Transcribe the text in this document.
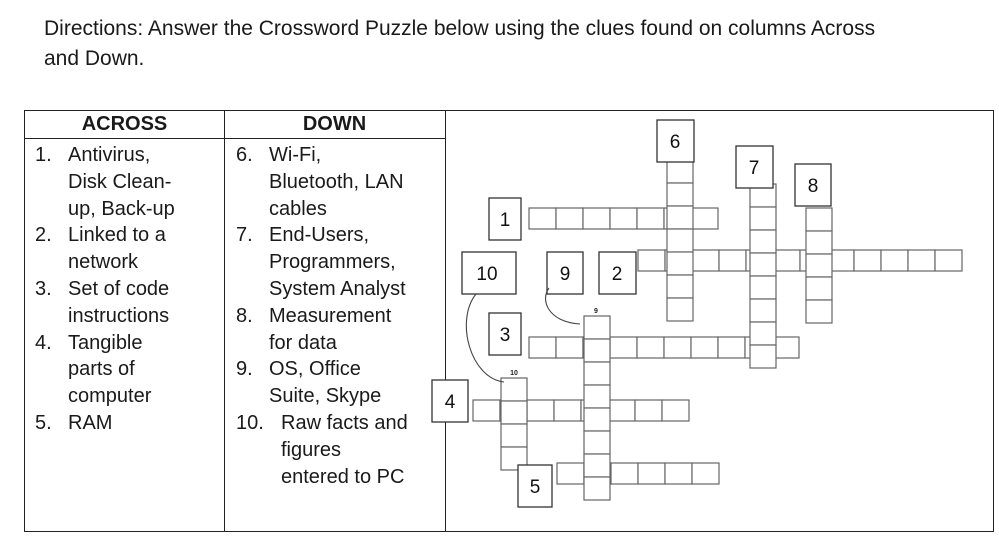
Directions: Answer the Crossword Puzzle below using the clues found on columns Across
and Down.
ACROSS	DOWN
1. Antivirus,
Disk Clean-
up, Back-up
2. Linked to a
network
3. Set of code
instructions
4. Tangible
parts of
computer
5. RAM
6. Wi-Fi,
Bluetooth, LAN
cables
7. End-Users,
Programmers,
System Analyst
8. Measurement
for data
9. OS, Office
Suite, Skype
10. Raw facts and
figures
entered to PC
1
2
3
4
5
6
7
8
9
10
9
10
